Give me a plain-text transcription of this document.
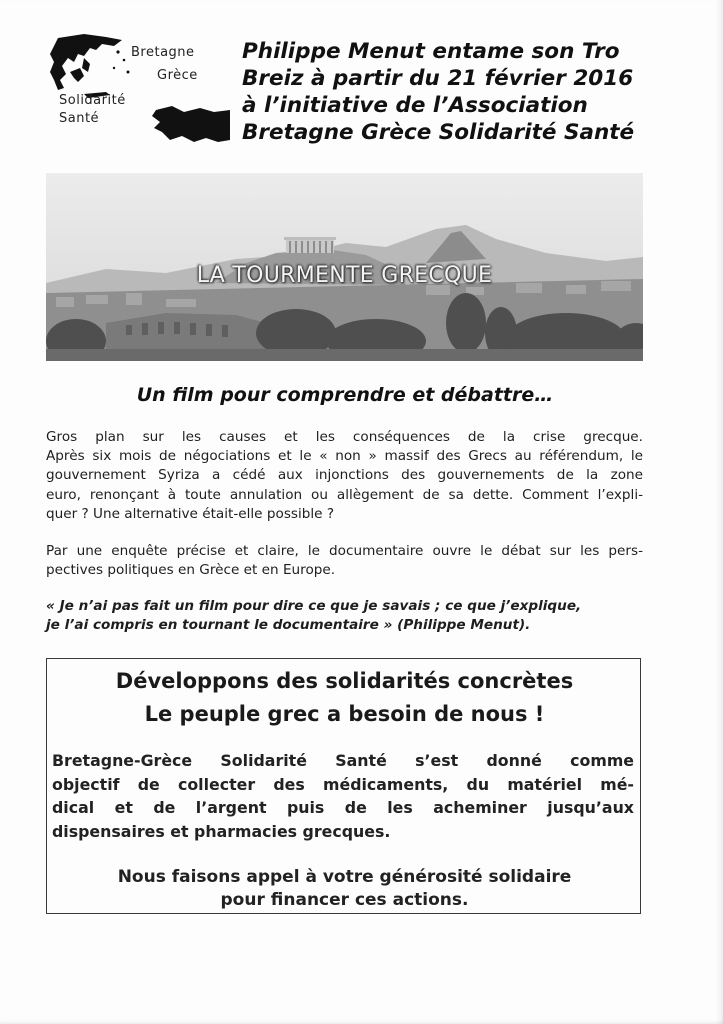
Bretagne
Grèce
Solidarité
Santé
Philippe Menut entame son Tro
Breiz à partir du 21 février 2016
à l’initiative de l’Association
Bretagne Grèce Solidarité Santé
LA TOURMENTE GRECQUE
Un film pour comprendre et débattre…
Gros plan sur les causes et les conséquences de la crise grecque.
Après six mois de négociations et le « non » massif des Grecs au référendum, le
gouvernement Syriza a cédé aux injonctions des gouvernements de la zone
euro, renonçant à toute annulation ou allègement de sa dette. Comment l’expli-
quer ? Une alternative était-elle possible ?
Par une enquête précise et claire, le documentaire ouvre le débat sur les pers-
pectives politiques en Grèce et en Europe.
« Je n’ai pas fait un film pour dire ce que je savais ; ce que j’explique,
je l’ai compris en tournant le documentaire » (Philippe Menut).
Développons des solidarités concrètes
Le peuple grec a besoin de nous !
Bretagne-Grèce Solidarité Santé s’est donné comme
objectif de collecter des médicaments, du matériel mé-
dical et de l’argent puis de les acheminer jusqu’aux
dispensaires et pharmacies grecques.
Nous faisons appel à votre générosité solidaire
pour financer ces actions.
